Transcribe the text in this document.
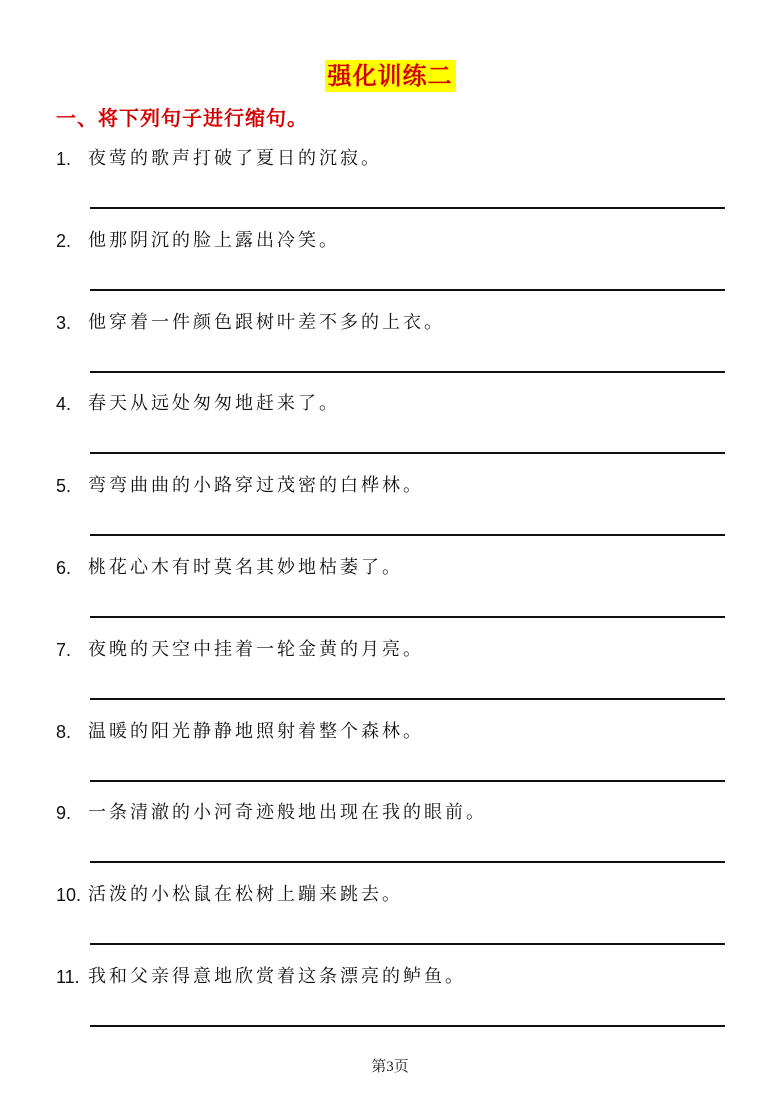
强化训练二
一、将下列句子进行缩句。
1. 夜莺的歌声打破了夏日的沉寂。
2. 他那阴沉的脸上露出冷笑。
3. 他穿着一件颜色跟树叶差不多的上衣。
4. 春天从远处匆匆地赶来了。
5. 弯弯曲曲的小路穿过茂密的白桦林。
6. 桃花心木有时莫名其妙地枯萎了。
7. 夜晚的天空中挂着一轮金黄的月亮。
8. 温暖的阳光静静地照射着整个森林。
9. 一条清澈的小河奇迹般地出现在我的眼前。
10. 活泼的小松鼠在松树上蹦来跳去。
11. 我和父亲得意地欣赏着这条漂亮的鲈鱼。
第3页
